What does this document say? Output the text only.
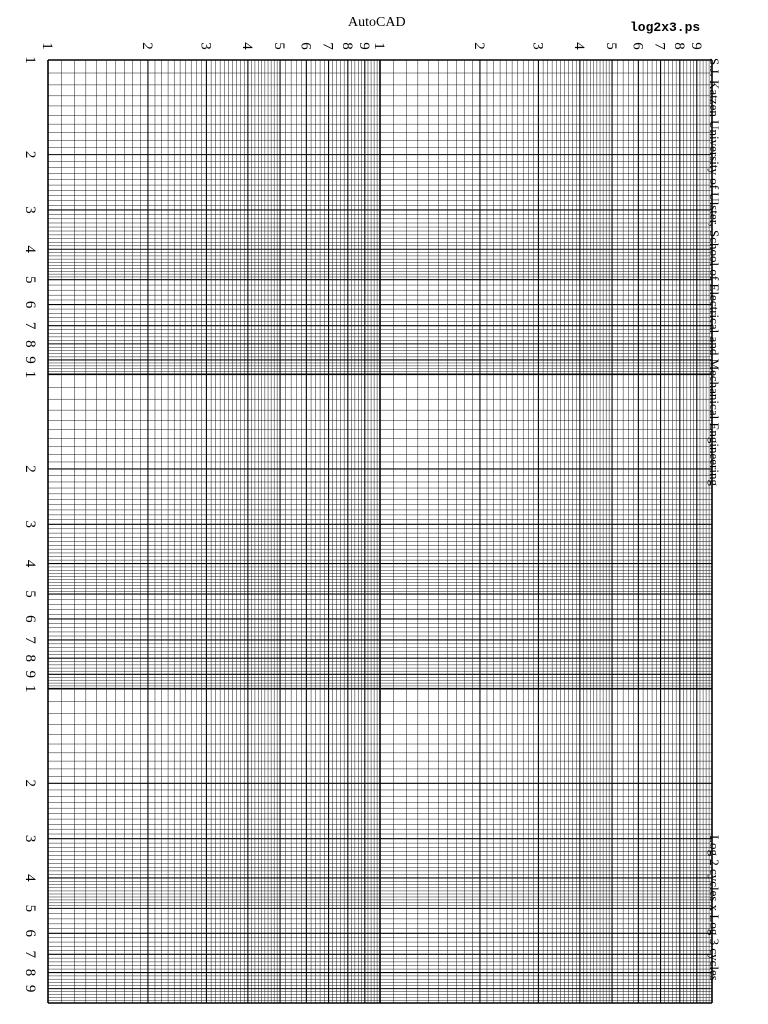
AutoCAD	log2x3.ps
1	2	3 4 5 6 7 8 9 1	2	3 4 5 6 7 8 9
1
2
3
4
5
6
7
8
9
1
2
3
4
5
6
7
8
9
1
2
3
4
5
6
7
8
9
S.J. Katzen University of Ulster, School of Electrical and Mechanical Engineering
Log 2 cycles x Log 3 cycles
